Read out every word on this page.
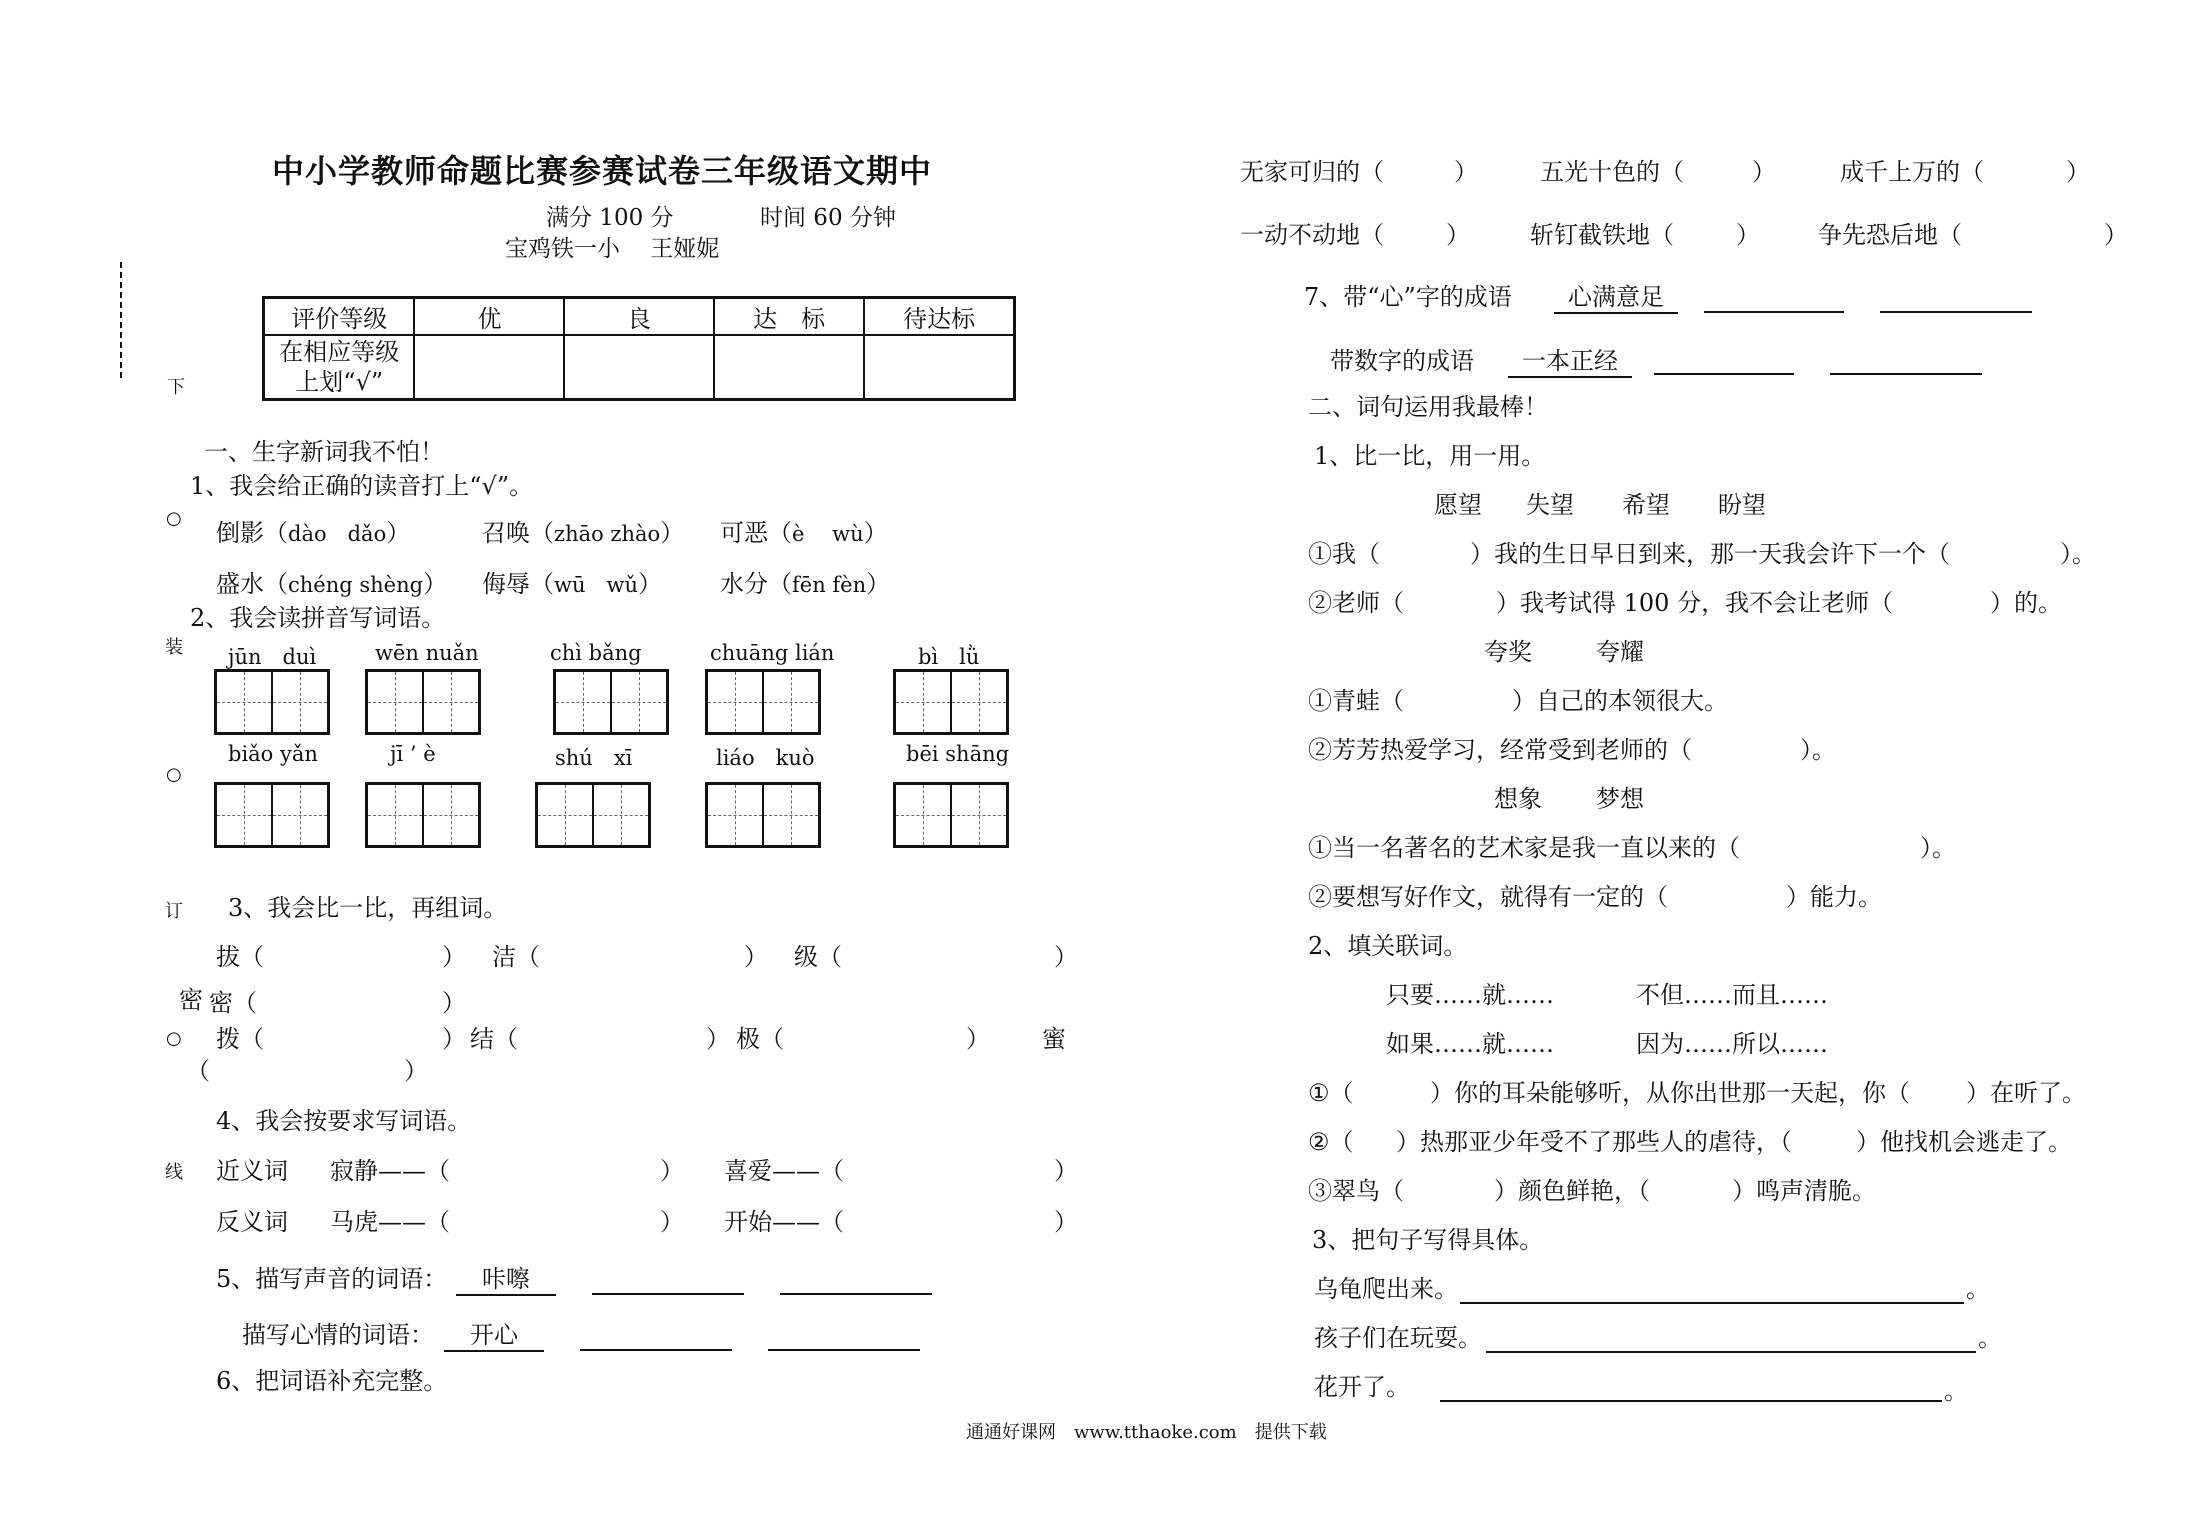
中小学教师命题比赛参赛试卷三年级语文期中
满分 100 分	时间 60 分钟
宝鸡铁一小　 王娅妮
下
○
装
○
订
密
○
线
评价等级	优	良	达　标	待达标

在相应等级
上划“√”				

一、生字新词我不怕！
1、我会给正确的读音打上“√”。
倒影（dào　dǎo）	召唤（zhāo zhào） 可恶（è　 wù）
盛水（chéng shèng） 侮辱（wū　wǔ） 水分（fēn fèn）
2、我会读拼音写词语。
jūn　duì	wēn nuǎn	chì bǎng	chuāng lián	bì　lǜ
biǎo yǎn	jī ’ è	shú　xī	liáo　kuò	bēi shāng
3、我会比一比，再组词。
拔（	） 洁（	） 级（	）
密（	）
拨（	） 结（	） 极（	） 蜜
（	）
4、我会按要求写词语。
近义词 寂静——（	） 喜爱——（	）
反义词 马虎——（	） 开始——（	）
5、描写声音的词语：	咔嚓
描写心情的词语：	开心
6、把词语补充完整。
无家可归的（	）	五光十色的（	）	成千上万的（	）
一动不动地（	）	斩钉截铁地（	） 争先恐后地（	）
7、带“心”字的成语	心满意足
带数字的成语	一本正经
二、词句运用我最棒！
1、比一比，用一用。
愿望 失望 希望 盼望
①我（	）我的生日早日到来，那一天我会许下一个（	）。
②老师（	）我考试得 100 分，我不会让老师（	）的。
夸奖	夸耀
①青蛙（	）自己的本领很大。
②芳芳热爱学习，经常受到老师的（	）。
想象 梦想
①当一名著名的艺术家是我一直以来的（	）。
②要想写好作文，就得有一定的（	）能力。
2、填关联词。
只要……就……	不但……而且……
如果……就……	因为……所以……
①（	）你的耳朵能够听，从你出世那一天起，你（ ）在听了。
②（ ）热那亚少年受不了那些人的虐待，（	）他找机会逃走了。
③翠鸟（	）颜色鲜艳，（	）鸣声清脆。
3、把句子写得具体。
乌龟爬出来。	。
孩子们在玩耍。	。
花开了。	。
通通好课网　www.tthaoke.com　提供下载
